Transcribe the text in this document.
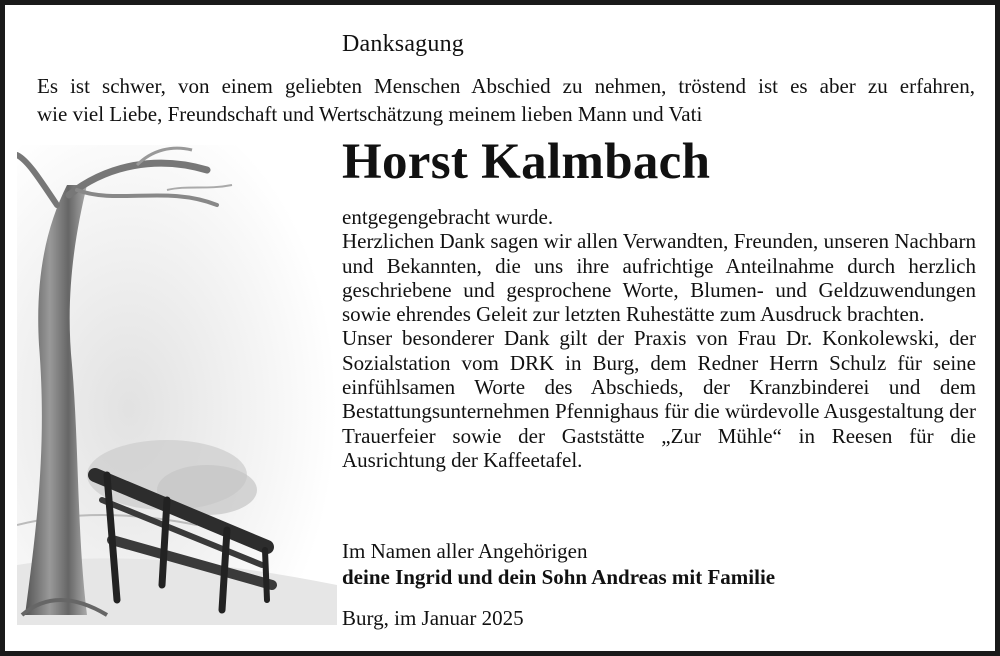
Danksagung

Es ist schwer, von einem geliebten Menschen Abschied zu nehmen, tröstend ist es aber zu erfahren,

wie viel Liebe, Freundschaft und Wertschätzung meinem lieben Mann und Vati

Horst Kalmbach

entgegengebracht wurde.

Herzlichen Dank sagen wir allen Verwandten, Freunden, unseren Nachbarn und Bekannten, die uns ihre aufrichtige Anteilnahme durch herzlich geschriebene und gesprochene Worte, Blumen- und Geldzuwendungen sowie ehrendes Geleit zur letzten Ruhestätte zum Ausdruck brachten.

Unser besonderer Dank gilt der Praxis von Frau Dr. Konkolewski, der Sozialstation vom DRK in Burg, dem Redner Herrn Schulz für seine einfühlsamen Worte des Abschieds, der Kranzbinderei und dem Bestattungsunternehmen Pfennighaus für die würdevolle Ausgestaltung der Trauerfeier sowie der Gaststätte „Zur Mühle“ in Reesen für die Ausrichtung der Kaffeetafel.

Im Namen aller Angehörigen

deine Ingrid und dein Sohn Andreas mit Familie

Burg, im Januar 2025
